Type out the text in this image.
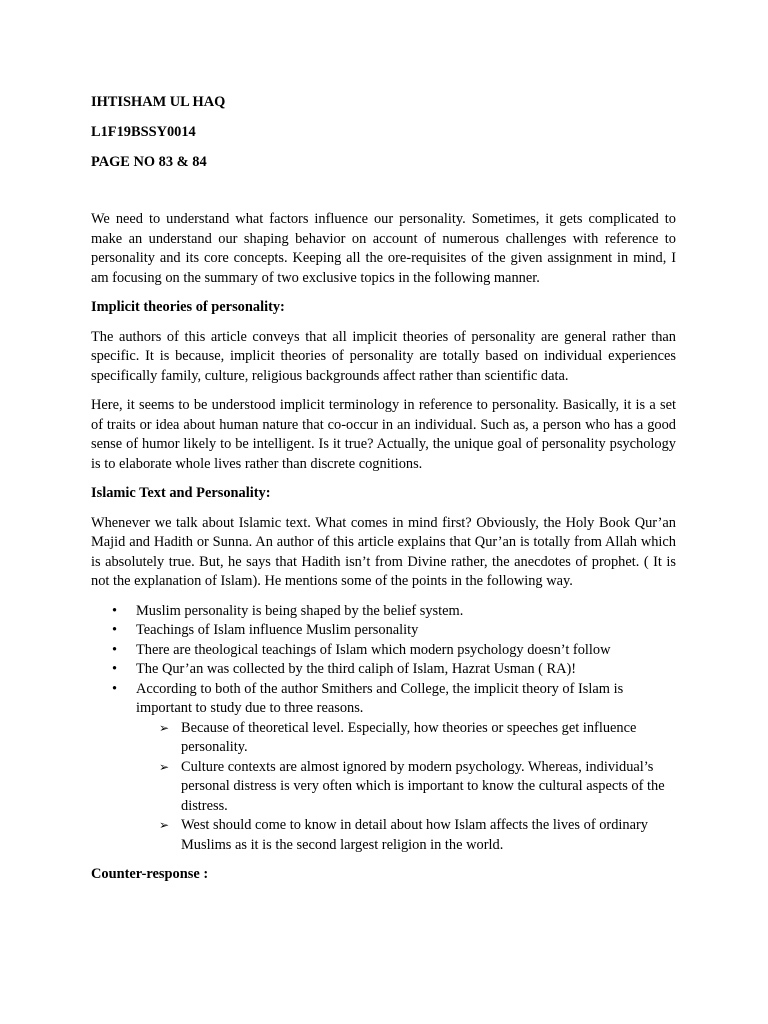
IHTISHAM UL HAQ

L1F19BSSY0014

PAGE NO 83 & 84

We need to understand what factors influence our personality. Sometimes, it gets complicated to make an understand our shaping behavior on account of numerous challenges with reference to personality and its core concepts. Keeping all the ore-requisites of the given assignment in mind, I am focusing on the summary of two exclusive topics in the following manner.

Implicit theories of personality:

The authors of this article conveys that all implicit theories of personality are general rather than specific. It is because, implicit theories of personality are totally based on individual experiences specifically family, culture, religious backgrounds affect rather than scientific data.

Here, it seems to be understood implicit terminology in reference to personality. Basically, it is a set of traits or idea about human nature that co-occur in an individual. Such as, a person who has a good sense of humor likely to be intelligent. Is it true? Actually, the unique goal of personality psychology is to elaborate whole lives rather than discrete cognitions.

Islamic Text and Personality:

Whenever we talk about Islamic text. What comes in mind first? Obviously, the Holy Book Qur’an Majid and Hadith or Sunna. An author of this article explains that Qur’an is totally from Allah which is absolutely true. But, he says that Hadith isn’t from Divine rather, the anecdotes of prophet. ( It is not the explanation of Islam). He mentions some of the points in the following way.

• Muslim personality is being shaped by the belief system.
• Teachings of Islam influence Muslim personality
• There are theological teachings of Islam which modern psychology doesn’t follow
• The Qur’an was collected by the third caliph of Islam, Hazrat Usman ( RA)!
• According to both of the author Smithers and College, the implicit theory of Islam is important to study due to three reasons.
➢ Because of theoretical level. Especially, how theories or speeches get influence personality.
➢ Culture contexts are almost ignored by modern psychology. Whereas, individual’s personal distress is very often which is important to know the cultural aspects of the distress.
➢ West should come to know in detail about how Islam affects the lives of ordinary Muslims as it is the second largest religion in the world.

Counter-response :
